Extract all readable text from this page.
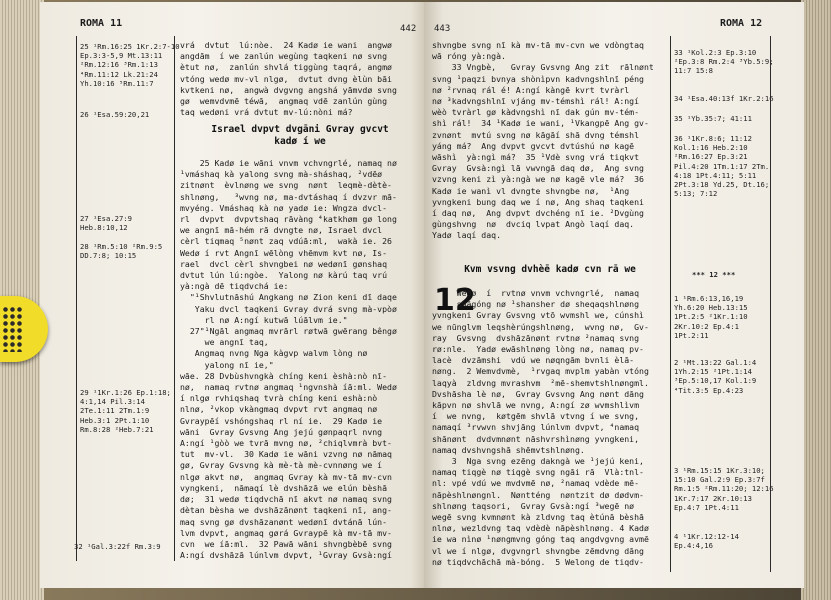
ROMA 11	442
25 ¹Rm.16:25 1Kr.2:7-10
Ep.3:3-5,9 Mt.13:11
²Rm.12:16 ³Rm.1:13
⁴Rm.11:12 Lk.21:24
Yh.10:16 ⁵Rm.11:7
26 ¹Esa.59:20,21
27 ¹Esa.27:9
Heb.8:10,12
28 ¹Rm.5:10 ²Rm.9:5
DD.7:8; 10:15
29 ¹1Kr.1:26 Ep.1:18;
4:1,14 Pil.3:14
2Te.1:11 2Tm.1:9
Heb.3:1 2Pt.1:10
Rm.8:28 ²Heb.7:21
32 ¹Gal.3:22f Rm.3:9
vrá  dvtut  lú:nòe.  24 Kadø ie wani  angwø
angdām  í we zanlún wegùng taqkeni nø svng
ètut nø,  zanlún shvlá tiggùng taqrá, angmø
vtóng wedø mv-vl nlgø,  dvtut dvng èlùn bāi
kvtkeni nø,  angwà dvgvng angshá yāmvdø svng
gø  wemvdvmē téwā,  angmaq vdē zanlún gùng
taq wedøni vrá dvtut mv-lú:nòni má?
Israel dvpvt dvgāni Gvray gvcvt
kadø í we
25 Kadø ie wāni vnvm vchvngrlé, namaq nø
¹vmáshaq kà yalong svng mà-sháshaq, ²vdēø
zitnønt  èvlnøng we svng  nønt  leqmè-dètè-
shlnøng,   ³wvng nø, ma-dvtáshaq í dvzvr mā-
mvyéng. Vmáshaq kà nø yadø ie: Wngza dvcl-
rl  dvpvt  dvpvtshaq rāvàng ⁴katkhøm gø long
we angnī mā-hém rā dvngte nø, Israel dvcl
cèrl tiqmaq ⁵nønt zaq vdúā:ml,  wakà ie. 26
Wedø í rvt Angnī wēlòng vhēmvm kvt nø, Is-
rael  dvcl cèrl shvngbei nø wedønī gønshaq
dvtut lún lú:ngòe.  Yalong nø kàrú taq vrú
yà:ngà dē tiqdvchá ie:
"¹Shvlutnāshú Angkang nø Zion keni dī daqe
Yaku dvcl taqkeni Gvray dvrá svng mà-vpòø
rl nø A:ngí kutwā lúālvm ie."
27"¹Ngāl angmaq mvrārl røtwā gwērang bêngø
we angnī taq,
Angmaq nvng Nga kàgvp walvm lòng nø
yalong nī ie,"
wāe. 28 Dvbùshvngkà chíng keni èshà:nò nī-
nø,  namaq rvtnø angmaq ¹ngvnshà íā:ml. Wedø
í nlgø rvhiqshaq tvrà chíng keni eshà:nò
nlnø, ²vkop vkàngmaq dvpvt rvt angmaq nø
Gvraypēí vshóngshaq rl ní ie.  29 Kadø ie
wāni  Gvray Gvsvng Ang jejú gønpaqrl nvng
A:ngí ¹gòò we tvrā mvng nø, ²chiqlvmrà bvt-
tut  mv-vl.  30 Kadø ie wāni vzvng nø nāmaq
gø, Gvray Gvsvng kà mè-tà mè-cvnnøng we í
nlgø akvt nø,  angmaq Gvray kà mv-tā mv-cvn
vyngkeni,  nāmaqí lè dvshāzā we elún bèshā
dø;  31 wedø tiqdvchā nī akvt nø namaq svng
dètan bèsha we dvshāzānønt taqkeni nī, ang-
maq svng gø dvshāzanønt wedønī dvtánā lún-
lvm dvpvt, angmaq gørá Gvraypē kà mv-tā mv-
cvn  we íā:ml.  32 Pawā wāni shvngbèbē svng
A:ngí dvshāzā lúnlvm dvpvt, ¹Gvray Gvsà:ngí
443	ROMA 12
shvngbe svng nī kà mv-tā mv-cvn we vdòngtaq
wā róng yà:ngà.
33 Vngbè,   Gvray Gvsvng Ang zit  rālnønt
svng ¹paqzi bvnya shònìpvn kadvngshlnī péng
nø ²rvnaq rál é! A:ngí kàngē kvrt tvràrl
nø ³kadvngshlnī vjáng mv-témshì rál! A:ngí
wèò tvràrl gø kàdvngshì nī dak gún mv-tém-
shì rál!  34 ¹Kadø ie wani, ¹Vkangpē Ang gv-
zvnønt  mvtú svng nø kāgāí shā dvng témshl
yáng má?  Ang dvpvt gvcvt dvtúshú nø kagē
wāshì  yà:ngì má?  35 ¹Vdè svng vrá tiqkvt
Gvray  Gvsà:ngì lā vwvngā daq dø,  Ang svng
vzvng keni zì yà:ngà we nø kagē vle má?  36
Kadø ie wanì vl dvngte shvngbe nø,  ¹Ang
yvngkeni bung daq we í nø, Ang shaq taqkeni
í daq nø,  Ang dvpvt dvchéng nī ie. ²Dvgùng
gùngshvng  nø  dvciq lvpat Angò laqí daq.
Yadø laqí daq.
Kvm vsvng dvhèē kadø cvn rā we
12
Wedø  í  rvtnø vnvm vchvngrlé,  namaq
shāgóng nø ¹shansher dø sheqaqshlnøng
yvngkeni Gvray Gvsvng vtō wvmshl we, cúnshì
we nūnglvm leqshèrúngshlnøng,  wvng nø,  Gv-
ray  Gvsvng  dvshāzānønt rvtnø ²namaq svng
rø:nle.  Yadø ewāshlnøng lòng nø, namaq pv-
lacè  dvzāmshi  vdú we nøqngām bvnli èlā-
nøng.  2 Wemvdvmè,  ¹rvgaq mvplm yabàn vtóng
laqyà  zldvng mvrashvm  ²mē-shemvtshlnøngml.
Dvshāsha lè nø,  Gvray Gvsvng Ang nønt dāng
kāpvn nø shvlā we nvng, A:ngí zø wvmshlìvm
í  we nvng,  køtgēm shvlā vtvng í we svng,
namaqí ³rvwvn shvjāng lúnlvm dvpvt, ⁴namaq
shānønt  dvdvmnønt nāshvrshìnøng yvngkeni,
namaq dvshvngshā shēmvtshlnøng.
3  Nga svng ezēng dakngà we ¹jejú keni,
namaq tiqgè nø tiqgè svng ngāi rā  Vlà:tnl-
nl: vpé vdú we mvdvmē nø, ²namaq vdède mē-
nāpèshlnøngnl.  Nøntténg  nøntzit dø dødvm-
shlnøng taqsori,  Gvray Gvsà:ngí ³wegē nø
wegē svng kvmnønt kà zldvng taq ètúnā bèshā
nlnø, wezldvng taq vdèdè nāpèshlnøng. 4 Kadø
ie wa nìnø ¹nøngmvng góng taq angdvgvng avmē
vl we í nlgø, dvgvngrl shvngbe zēmdvng dāng
nø tiqdvchāchā mà-bóng.  5 Welong de tiqdv-
33 ¹Kol.2:3 Ep.3:10
²Ep.3:8 Rm.2:4 ³Yb.5:9;
11:7 15:8
34 ¹Esa.40:13f 1Kr.2:16
35 ¹Yb.35:7; 41:11
36 ¹1Kr.8:6; 11:12
Kol.1:16 Heb.2:10
²Rm.16:27 Ep.3:21
Pil.4:20 1Tm.1:17 2Tm.
4:18 1Pt.4:11; 5:11
2Pt.3:18 Yd.25, Dt.16;
5:13; 7:12
*** 12 ***
1 ¹Rm.6:13,16,19
Yh.6:20 Heb.13:15
1Pt.2:5 ²1Kr.1:10
2Kr.10:2 Ep.4:1
1Pt.2:11
2 ¹Mt.13:22 Gal.1:4
1Yh.2:15 ²1Pt.1:14
³Ep.5:10,17 Kol.1:9
⁴Tit.3:5 Ep.4:23
3 ¹Rm.15:15 1Kr.3:10;
15:10 Gal.2:9 Ep.3:7f
Rm.1:5 ²Rm.11:20; 12:16
1Kr.7:17 2Kr.10:13
Ep.4:7 1Pt.4:11
4 ¹1Kr.12:12-14
Ep.4:4,16
